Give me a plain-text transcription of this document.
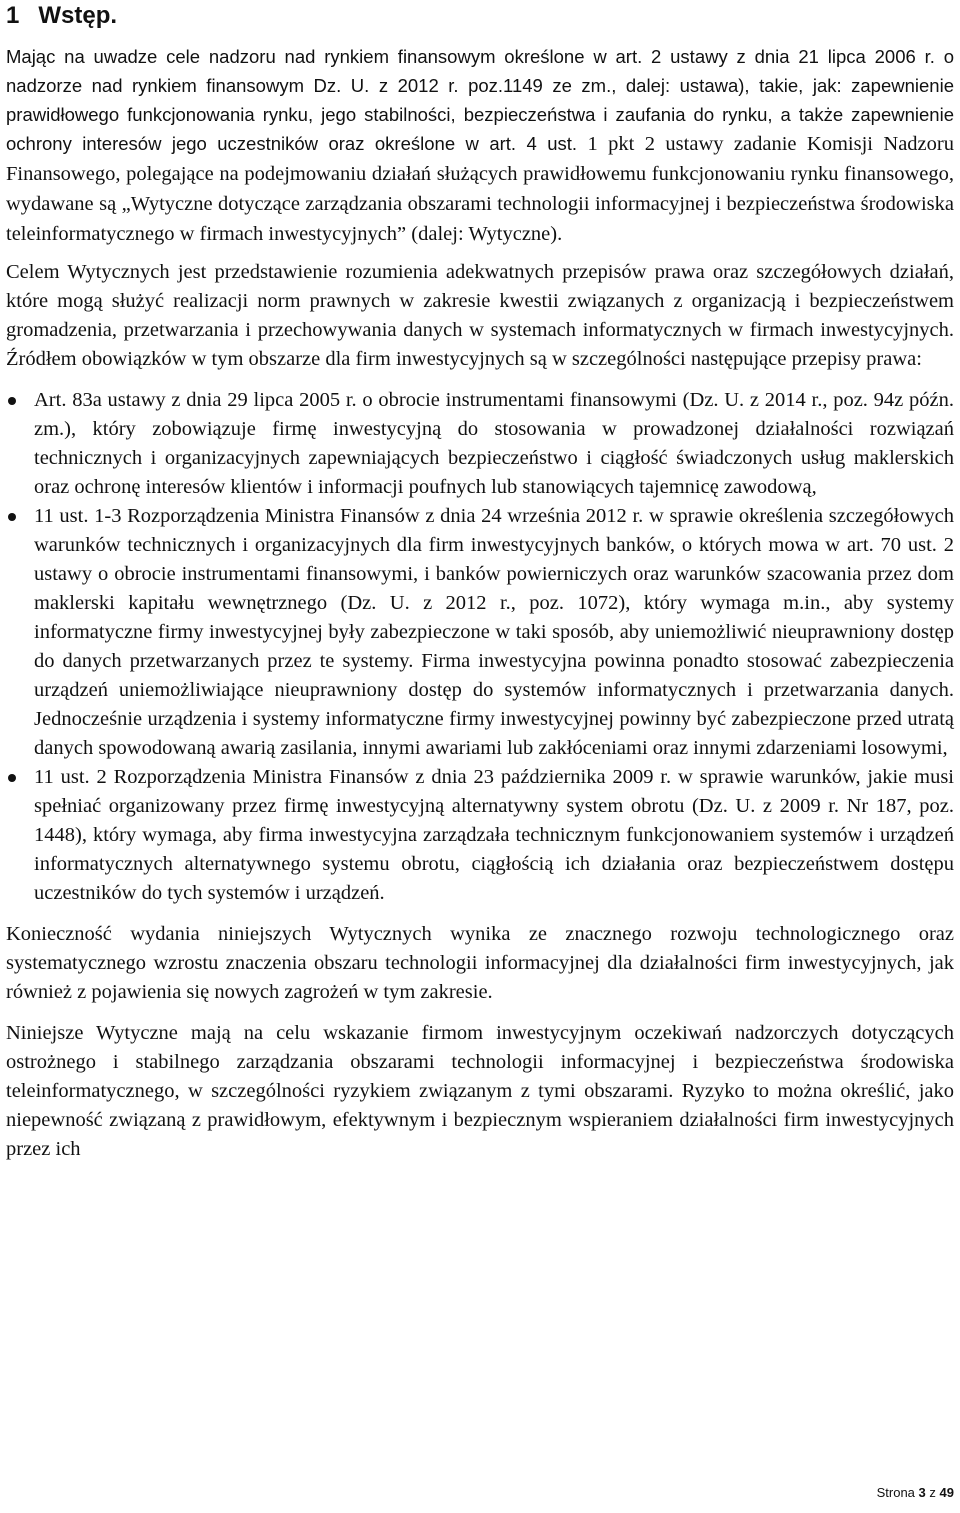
1 Wstęp.

Mając na uwadze cele nadzoru nad rynkiem finansowym określone w art. 2 ustawy z dnia 21 lipca 2006 r. o nadzorze nad rynkiem finansowym Dz. U. z 2012 r. poz.1149 ze zm., dalej: ustawa), takie, jak: zapewnienie prawidłowego funkcjonowania rynku, jego stabilności, bezpieczeństwa i zaufania do rynku, a także zapewnienie ochrony interesów jego uczestników oraz określone w art. 4 ust. 1 pkt 2 ustawy zadanie Komisji Nadzoru Finansowego, polegające na podejmowaniu działań służących prawidłowemu funkcjonowaniu rynku finansowego, wydawane są „Wytyczne dotyczące zarządzania obszarami technologii informacyjnej i bezpieczeństwa środowiska teleinformatycznego w firmach inwestycyjnych” (dalej: Wytyczne).

Celem Wytycznych jest przedstawienie rozumienia adekwatnych przepisów prawa oraz szczegółowych działań, które mogą służyć realizacji norm prawnych w zakresie kwestii związanych z organizacją i bezpieczeństwem gromadzenia, przetwarzania i przechowywania danych w systemach informatycznych w firmach inwestycyjnych. Źródłem obowiązków w tym obszarze dla firm inwestycyjnych są w szczególności następujące przepisy prawa:

Art. 83a ustawy z dnia 29 lipca 2005 r. o obrocie instrumentami finansowymi (Dz. U. z 2014 r., poz. 94z późn. zm.), który zobowiązuje firmę inwestycyjną do stosowania w prowadzonej działalności rozwiązań technicznych i organizacyjnych zapewniających bezpieczeństwo i ciągłość świadczonych usług maklerskich oraz ochronę interesów klientów i informacji poufnych lub stanowiących tajemnicę zawodową,
11 ust. 1-3 Rozporządzenia Ministra Finansów z dnia 24 września 2012 r. w sprawie określenia szczegółowych warunków technicznych i organizacyjnych dla firm inwestycyjnych banków, o których mowa w art. 70 ust. 2 ustawy o obrocie instrumentami finansowymi, i banków powierniczych oraz warunków szacowania przez dom maklerski kapitału wewnętrznego (Dz. U. z 2012 r., poz. 1072), który wymaga m.in., aby systemy informatyczne firmy inwestycyjnej były zabezpieczone w taki sposób, aby uniemożliwić nieuprawniony dostęp do danych przetwarzanych przez te systemy. Firma inwestycyjna powinna ponadto stosować zabezpieczenia urządzeń uniemożliwiające nieuprawniony dostęp do systemów informatycznych i przetwarzania danych. Jednocześnie urządzenia i systemy informatyczne firmy inwestycyjnej powinny być zabezpieczone przed utratą danych spowodowaną awarią zasilania, innymi awariami lub zakłóceniami oraz innymi zdarzeniami losowymi,
11 ust. 2 Rozporządzenia Ministra Finansów z dnia 23 października 2009 r. w sprawie warunków, jakie musi spełniać organizowany przez firmę inwestycyjną alternatywny system obrotu (Dz. U. z 2009 r. Nr 187, poz. 1448), który wymaga, aby firma inwestycyjna zarządzała technicznym funkcjonowaniem systemów i urządzeń informatycznych alternatywnego systemu obrotu, ciągłością ich działania oraz bezpieczeństwem dostępu uczestników do tych systemów i urządzeń.

Konieczność wydania niniejszych Wytycznych wynika ze znacznego rozwoju technologicznego oraz systematycznego wzrostu znaczenia obszaru technologii informacyjnej dla działalności firm inwestycyjnych, jak również z pojawienia się nowych zagrożeń w tym zakresie.

Niniejsze Wytyczne mają na celu wskazanie firmom inwestycyjnym oczekiwań nadzorczych dotyczących ostrożnego i stabilnego zarządzania obszarami technologii informacyjnej i bezpieczeństwa środowiska teleinformatycznego, w szczególności ryzykiem związanym z tymi obszarami. Ryzyko to można określić, jako niepewność związaną z prawidłowym, efektywnym i bezpiecznym wspieraniem działalności firm inwestycyjnych przez ich

Strona 3 z 49
